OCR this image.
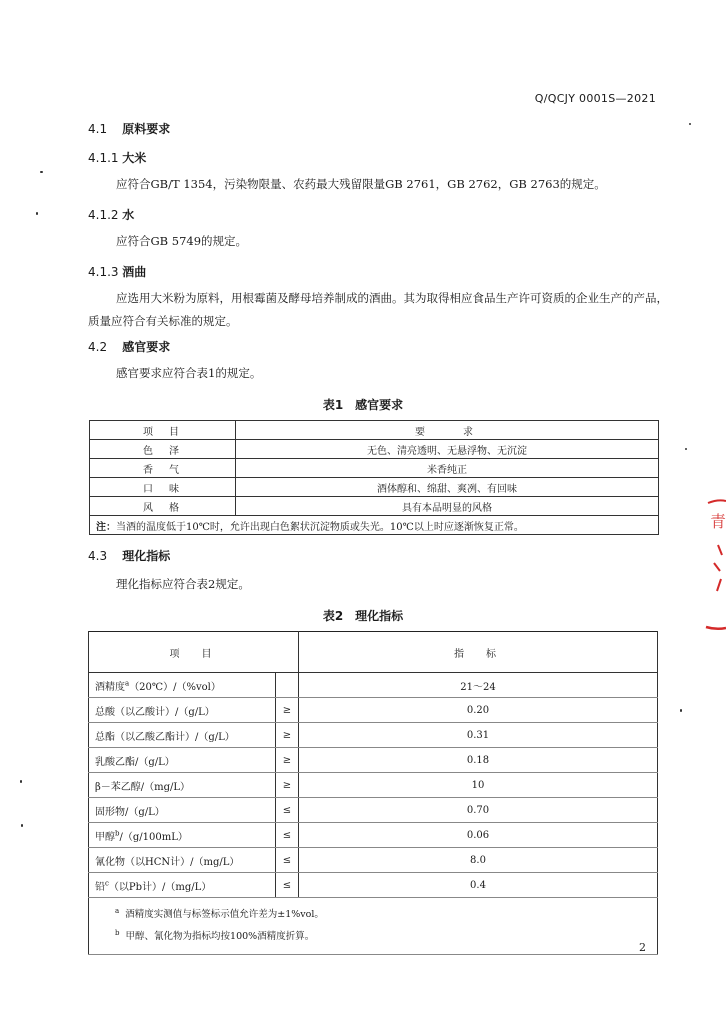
Q/QCJY 0001S—2021
4.1 原料要求
4.1.1 大米
应符合GB/T 1354，污染物限量、农药最大残留限量GB 2761，GB 2762，GB 2763的规定。
4.1.2 水
应符合GB 5749的规定。
4.1.3 酒曲
应选用大米粉为原料，用根霉菌及酵母培养制成的酒曲。其为取得相应食品生产许可资质的企业生产的产品，质量应符合有关标准的规定。
4.2 感官要求
感官要求应符合表1的规定。
表1　感官要求
项　目	要　　求
色　泽	无色、清亮透明、无悬浮物、无沉淀
香　气	米香纯正
口　味	酒体醇和、绵甜、爽冽、有回味
风　格	具有本品明显的风格
注：当酒的温度低于10℃时，允许出现白色絮状沉淀物质或失光。10℃以上时应逐渐恢复正常。	
4.3 理化指标
理化指标应符合表2规定。
表2　理化指标
项　目		指　标
酒精度$^a$（20℃）/（%vol）		21～24
总酸（以乙酸计）/（g/L）	≥	0.20
总酯（以乙酸乙酯计）/（g/L）	≥	0.31
乳酸乙酯/（g/L）	≥	0.18
β－苯乙醇/（mg/L）	≥	10
固形物/（g/L）	≤	0.70
甲醇$^b$/（g/100mL）	≤	0.06
氰化物（以HCN计）/（mg/L）	≤	8.0
铅$^c$（以Pb计）/（mg/L）	≤	0.4

$^a$ 酒精度实测值与标签标示值允许差为±1%vol。
$^b$ 甲醇、氰化物为指标均按100%酒精度折算。		
2
青
